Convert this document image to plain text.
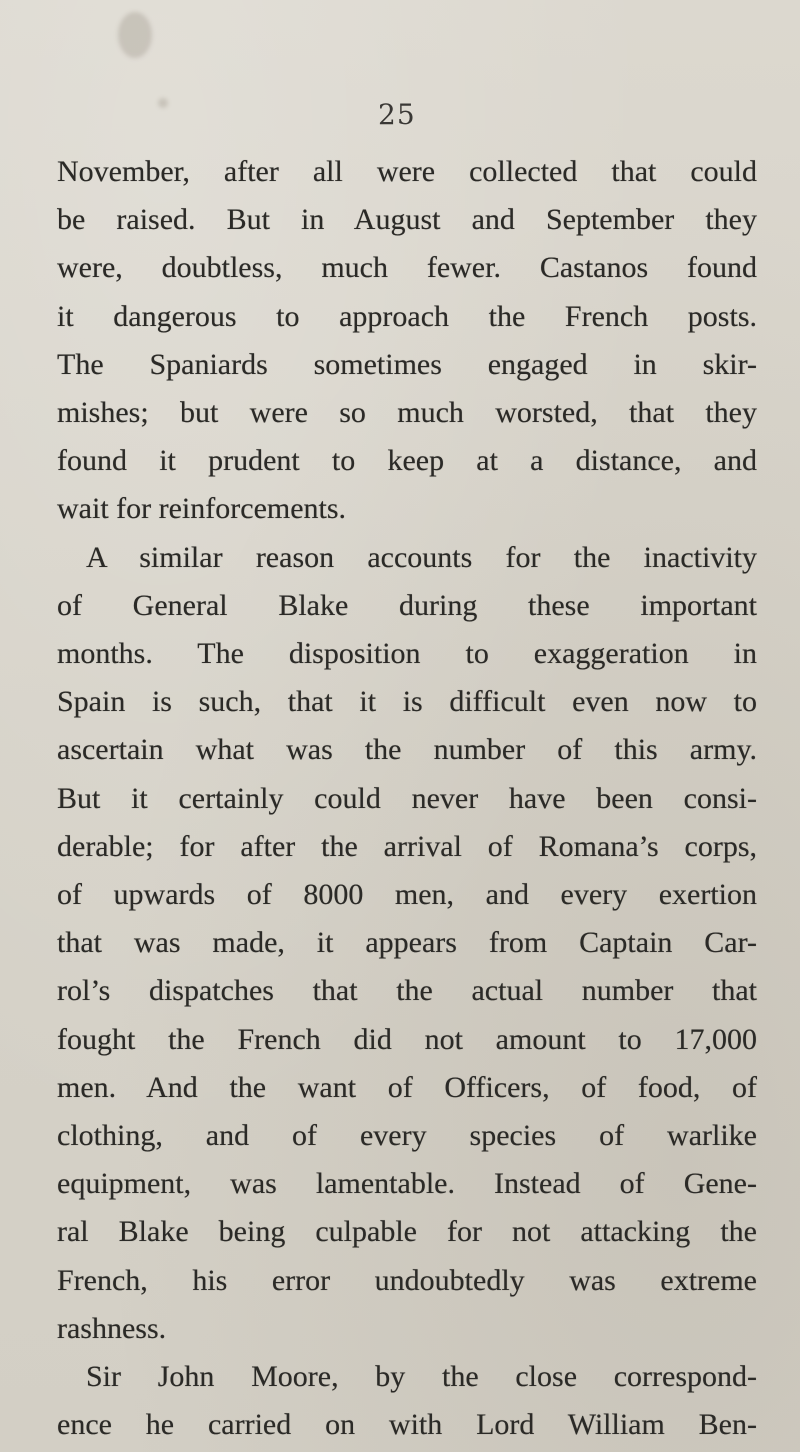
25
November, after all were collected that could
be raised. But in August and September they
were, doubtless, much fewer. Castanos found
it dangerous to approach the French posts.
The Spaniards sometimes engaged in skir-
mishes; but were so much worsted, that they
found it prudent to keep at a distance, and
wait for reinforcements.
A similar reason accounts for the inactivity
of General Blake during these important
months. The disposition to exaggeration in
Spain is such, that it is difficult even now to
ascertain what was the number of this army.
But it certainly could never have been consi-
derable; for after the arrival of Romana’s corps,
of upwards of 8000 men, and every exertion
that was made, it appears from Captain Car-
rol’s dispatches that the actual number that
fought the French did not amount to 17,000
men. And the want of Officers, of food, of
clothing, and of every species of warlike
equipment, was lamentable. Instead of Gene-
ral Blake being culpable for not attacking the
French, his error undoubtedly was extreme
rashness.
Sir John Moore, by the close correspond-
ence he carried on with Lord William Ben-
